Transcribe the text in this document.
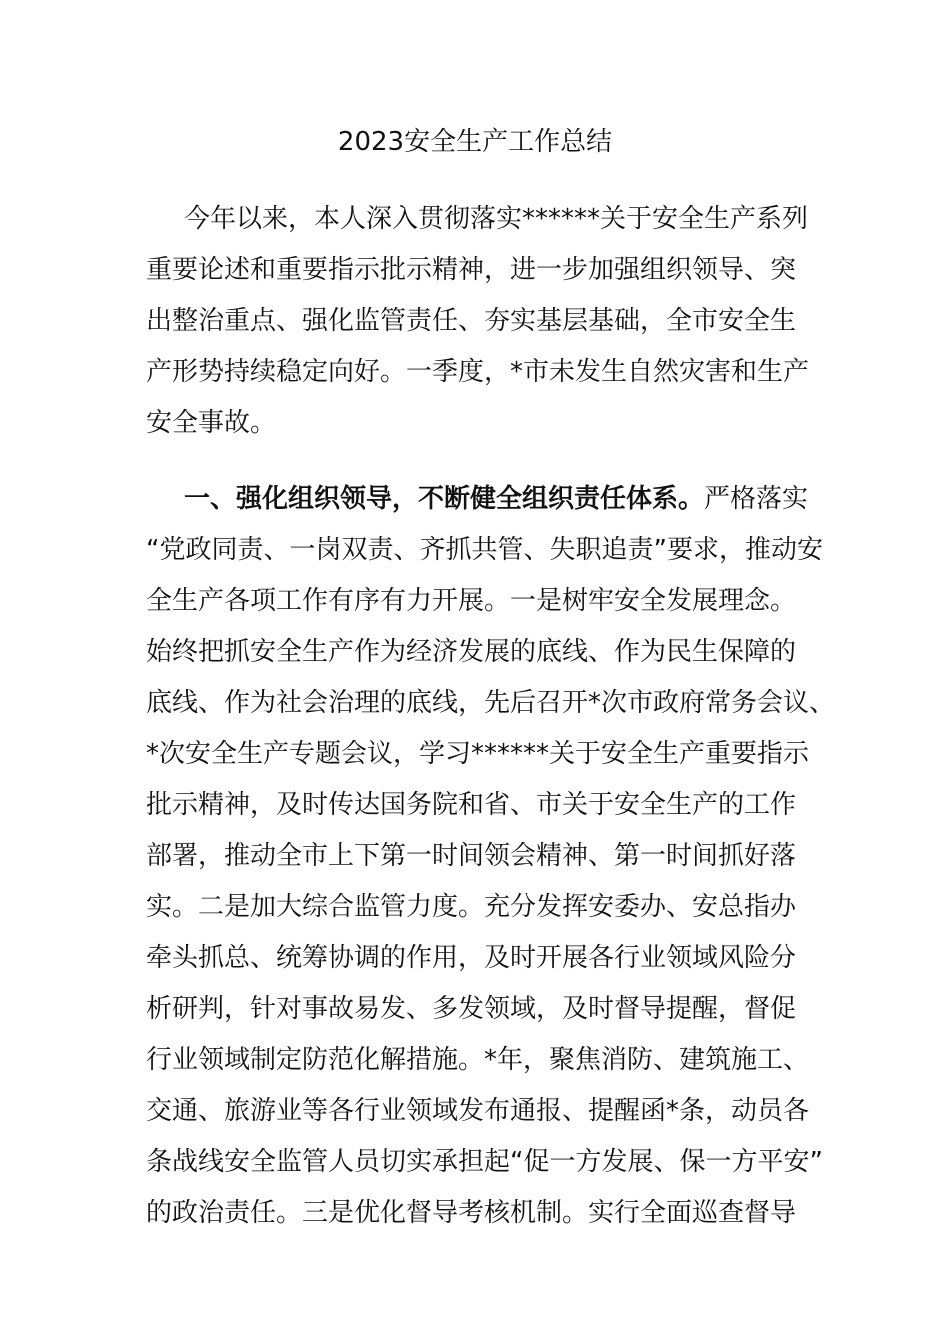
2023安全生产工作总结
今年以来，本人深入贯彻落实******关于安全生产系列
重要论述和重要指示批示精神，进一步加强组织领导、突
出整治重点、强化监管责任、夯实基层基础，全市安全生
产形势持续稳定向好。一季度，*市未发生自然灾害和生产
安全事故。
一、强化组织领导，不断健全组织责任体系。严格落实
“党政同责、一岗双责、齐抓共管、失职追责”要求，推动安
全生产各项工作有序有力开展。一是树牢安全发展理念。
始终把抓安全生产作为经济发展的底线、作为民生保障的
底线、作为社会治理的底线，先后召开*次市政府常务会议、
*次安全生产专题会议，学习******关于安全生产重要指示
批示精神，及时传达国务院和省、市关于安全生产的工作
部署，推动全市上下第一时间领会精神、第一时间抓好落
实。二是加大综合监管力度。充分发挥安委办、安总指办
牵头抓总、统筹协调的作用，及时开展各行业领域风险分
析研判，针对事故易发、多发领域，及时督导提醒，督促
行业领域制定防范化解措施。*年，聚焦消防、建筑施工、
交通、旅游业等各行业领域发布通报、提醒函*条，动员各
条战线安全监管人员切实承担起“促一方发展、保一方平安”
的政治责任。三是优化督导考核机制。实行全面巡查督导
